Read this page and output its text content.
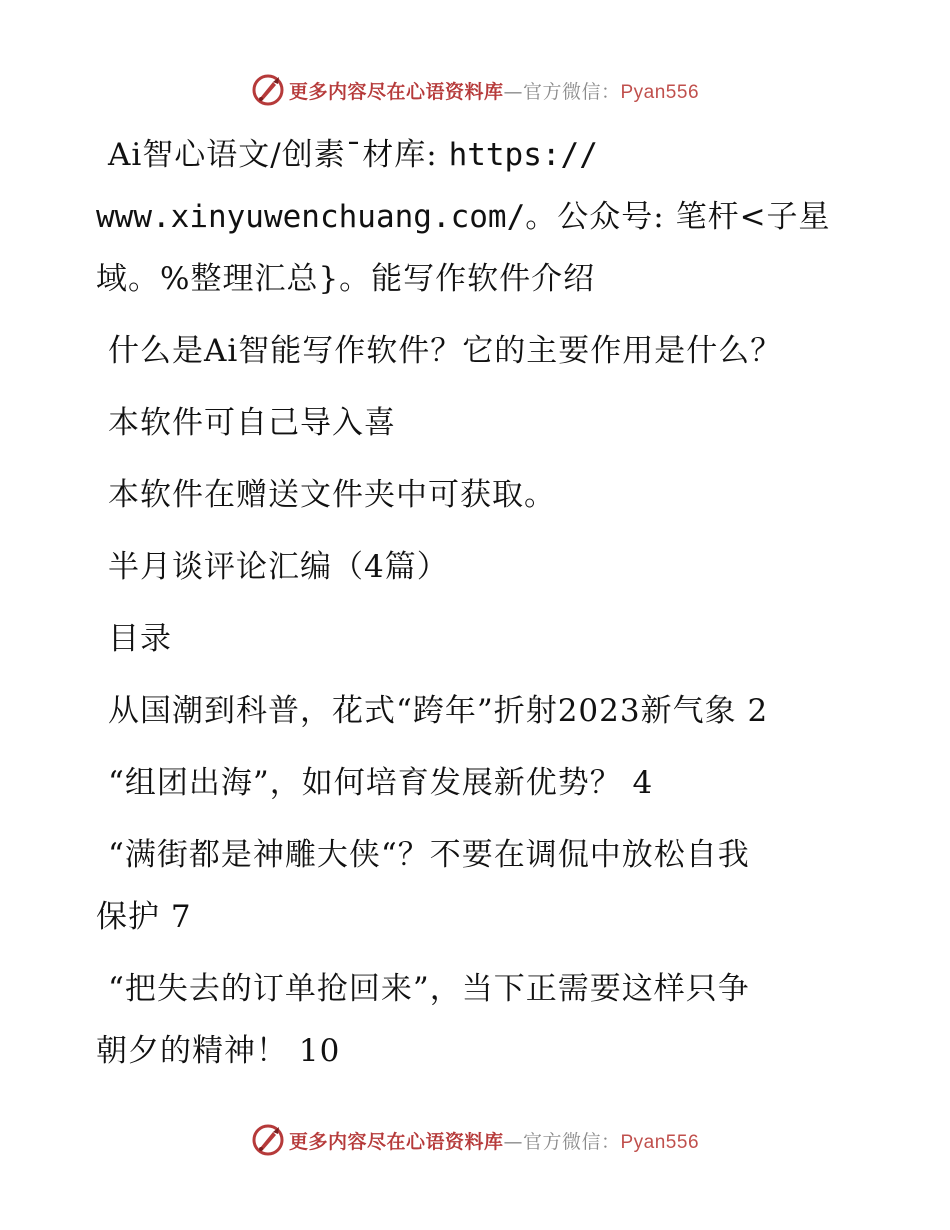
更多内容尽在心语资料库—官方微信：Pyan556
Ai智心语文/创素¯材库: https://
www.xinyuwenchuang.com/。公众号: 笔杆<子星
域。%整理汇总}。能写作软件介绍
什么是Ai智能写作软件？它的主要作用是什么？
本软件可自己导入喜
本软件在赠送文件夹中可获取。
半月谈评论汇编（4篇）
目录
从国潮到科普，花式“跨年”折射2023新气象 2
“组团出海”，如何培育发展新优势？ 4
“满街都是神雕大侠“？不要在调侃中放松自我
保护 7
“把失去的订单抢回来”，当下正需要这样只争
朝夕的精神！ 10
更多内容尽在心语资料库—官方微信：Pyan556
